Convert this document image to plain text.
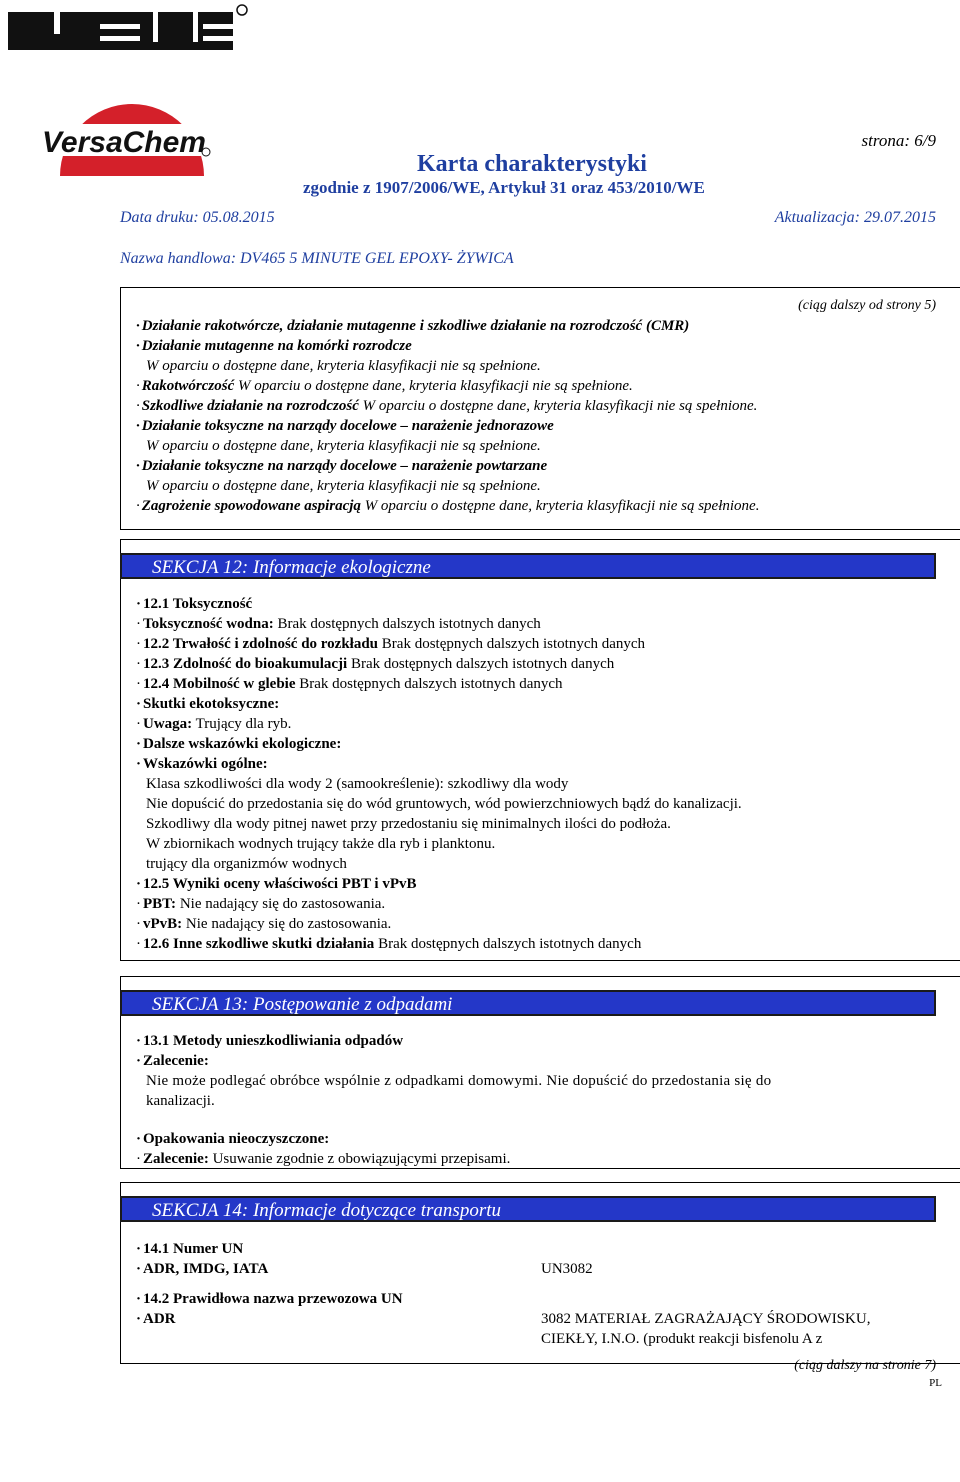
VersaChem	strona: 6/9
Karta charakterystyki
zgodnie z 1907/2006/WE, Artykuł 31 oraz 453/2010/WE
Data druku: 05.08.2015	Aktualizacja: 29.07.2015
Nazwa handlowa: DV465 5 MINUTE GEL EPOXY- ŻYWICA
(ciąg dalszy od strony 5)
· Działanie rakotwórcze, działanie mutagenne i szkodliwe działanie na rozrodczość (CMR)
· Działanie mutagenne na komórki rozrodcze
W oparciu o dostępne dane, kryteria klasyfikacji nie są spełnione.
· Rakotwórczość W oparciu o dostępne dane, kryteria klasyfikacji nie są spełnione.
· Szkodliwe działanie na rozrodczość W oparciu o dostępne dane, kryteria klasyfikacji nie są spełnione.
· Działanie toksyczne na narządy docelowe – narażenie jednorazowe
W oparciu o dostępne dane, kryteria klasyfikacji nie są spełnione.
· Działanie toksyczne na narządy docelowe – narażenie powtarzane
W oparciu o dostępne dane, kryteria klasyfikacji nie są spełnione.
· Zagrożenie spowodowane aspiracją W oparciu o dostępne dane, kryteria klasyfikacji nie są spełnione.
SEKCJA 12: Informacje ekologiczne
· 12.1 Toksyczność
· Toksyczność wodna: Brak dostępnych dalszych istotnych danych
· 12.2 Trwałość i zdolność do rozkładu Brak dostępnych dalszych istotnych danych
· 12.3 Zdolność do bioakumulacji Brak dostępnych dalszych istotnych danych
· 12.4 Mobilność w glebie Brak dostępnych dalszych istotnych danych
· Skutki ekotoksyczne:
· Uwaga: Trujący dla ryb.
· Dalsze wskazówki ekologiczne:
· Wskazówki ogólne:
Klasa szkodliwości dla wody 2 (samookreślenie): szkodliwy dla wody
Nie dopuścić do przedostania się do wód gruntowych, wód powierzchniowych bądź do kanalizacji.
Szkodliwy dla wody pitnej nawet przy przedostaniu się minimalnych ilości do podłoża.
W zbiornikach wodnych trujący także dla ryb i planktonu.
trujący dla organizmów wodnych
· 12.5 Wyniki oceny właściwości PBT i vPvB
· PBT: Nie nadający się do zastosowania.
· vPvB: Nie nadający się do zastosowania.
· 12.6 Inne szkodliwe skutki działania Brak dostępnych dalszych istotnych danych
SEKCJA 13: Postępowanie z odpadami
· 13.1 Metody unieszkodliwiania odpadów
· Zalecenie:
Nie może podlegać obróbce wspólnie z odpadkami domowymi. Nie dopuścić do przedostania się do
kanalizacji.
· Opakowania nieoczyszczone:
· Zalecenie: Usuwanie zgodnie z obowiązującymi przepisami.
SEKCJA 14: Informacje dotyczące transportu
· 14.1 Numer UN
· ADR, IMDG, IATA
· 14.2 Prawidłowa nazwa przewozowa UN
· ADR
UN3082
3082 MATERIAŁ ZAGRAŻAJĄCY ŚRODOWISKU,
CIEKŁY, I.N.O. (produkt reakcji bisfenolu A z
(ciąg dalszy na stronie 7)
PL
